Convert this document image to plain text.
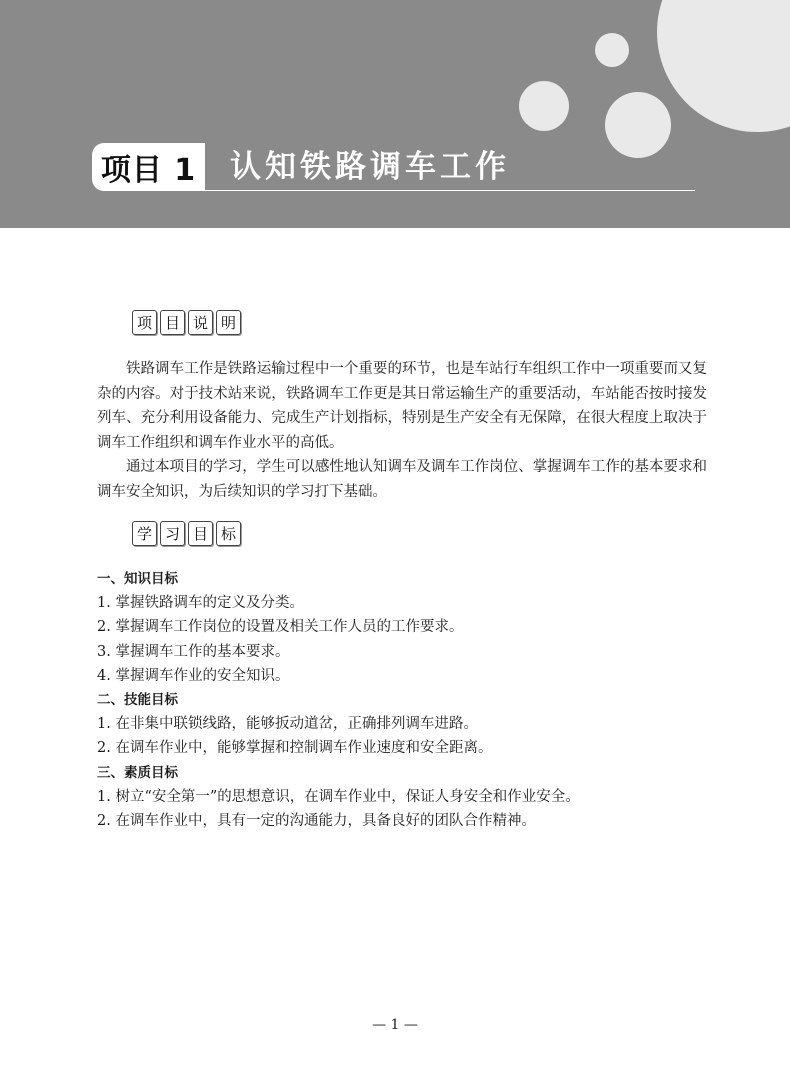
项目 1 认知铁路调车工作
项 目 说 明

铁路调车工作是铁路运输过程中一个重要的环节，也是车站行车组织工作中一项重要而又复杂的内容。对于技术站来说，铁路调车工作更是其日常运输生产的重要活动，车站能否按时接发列车、充分利用设备能力、完成生产计划指标，特别是生产安全有无保障，在很大程度上取决于调车工作组织和调车作业水平的高低。

通过本项目的学习，学生可以感性地认知调车及调车工作岗位、掌握调车工作的基本要求和调车安全知识，为后续知识的学习打下基础。

学 习 目 标
一、知识目标
1. 掌握铁路调车的定义及分类。
2. 掌握调车工作岗位的设置及相关工作人员的工作要求。
3. 掌握调车工作的基本要求。
4. 掌握调车作业的安全知识。
二、技能目标
1. 在非集中联锁线路，能够扳动道岔，正确排列调车进路。
2. 在调车作业中，能够掌握和控制调车作业速度和安全距离。
三、素质目标
1. 树立“安全第一”的思想意识，在调车作业中，保证人身安全和作业安全。
2. 在调车作业中，具有一定的沟通能力，具备良好的团队合作精神。
— 1 —
